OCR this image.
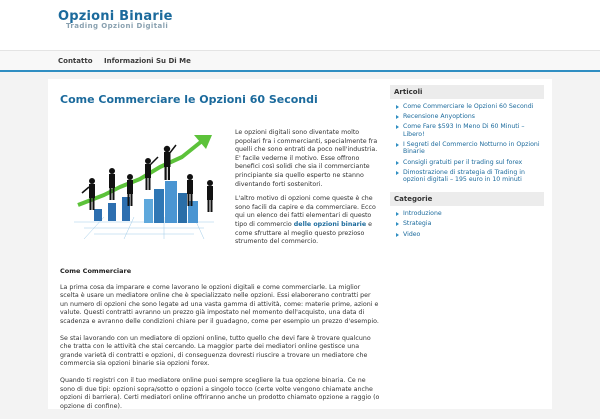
Opzioni Binarie
Trading Opzioni Digitali
Contatto Informazioni Su Di Me
Come Commerciare le Opzioni 60 Secondi

Le opzioni digitali sono diventate molto popolari fra i commercianti, specialmente fra quelli che sono entrati da poco nell'industria. E' facile vederne il motivo. Esse offrono benefici così solidi che sia il commerciante principiante sia quello esperto ne stanno diventando forti sostenitori.

L'altro motivo di opzioni come queste è che sono facili da capire e da commerciare. Ecco qui un elenco dei fatti elementari di questo tipo di commercio delle opzioni binarie e come sfruttare al meglio questo prezioso strumento del commercio.

Come Commerciare

La prima cosa da imparare e come lavorano le opzioni digitali e come commerciarle. La miglior scelta è usare un mediatore online che è specializzato nelle opzioni. Essi elaborerano contratti per un numero di opzioni che sono legate ad una vasta gamma di attività, come: materie prime, azioni e valute. Questi contratti avranno un prezzo già impostato nel momento dell'acquisto, una data di scadenza e avranno delle condizioni chiare per il guadagno, come per esempio un prezzo d'esempio.

Se stai lavorando con un mediatore di opzioni online, tutto quello che devi fare è trovare qualcuno che tratta con le attività che stai cercando. La maggior parte dei mediatori online gestisce una grande varietà di contratti e opzioni, di conseguenza dovresti riuscire a trovare un mediatore che commercia sia opzioni binarie sia opzioni forex.

Quando ti registri con il tuo mediatore online puoi sempre scegliere la tua opzione binaria. Ce ne sono di due tipi: opzioni sopra/sotto o opzioni a singolo tocco (certe volte vengono chiamate anche opzioni di barriera). Certi mediatori online offriranno anche un prodotto chiamato opzione a raggio (o opzione di confine).

Articoli
Come Commerciare le Opzioni 60 Secondi
Recensione Anyoptions
Come Fare $593 In Meno Di 60 Minuti – Libero!
I Segreti del Commercio Notturno in Opzioni Binarie
Consigli gratuiti per il trading sul forex
Dimostrazione di strategia di Trading in opzioni digitali – 195 euro in 10 minuti
Categorie
Introduzione
Strategia
Video
